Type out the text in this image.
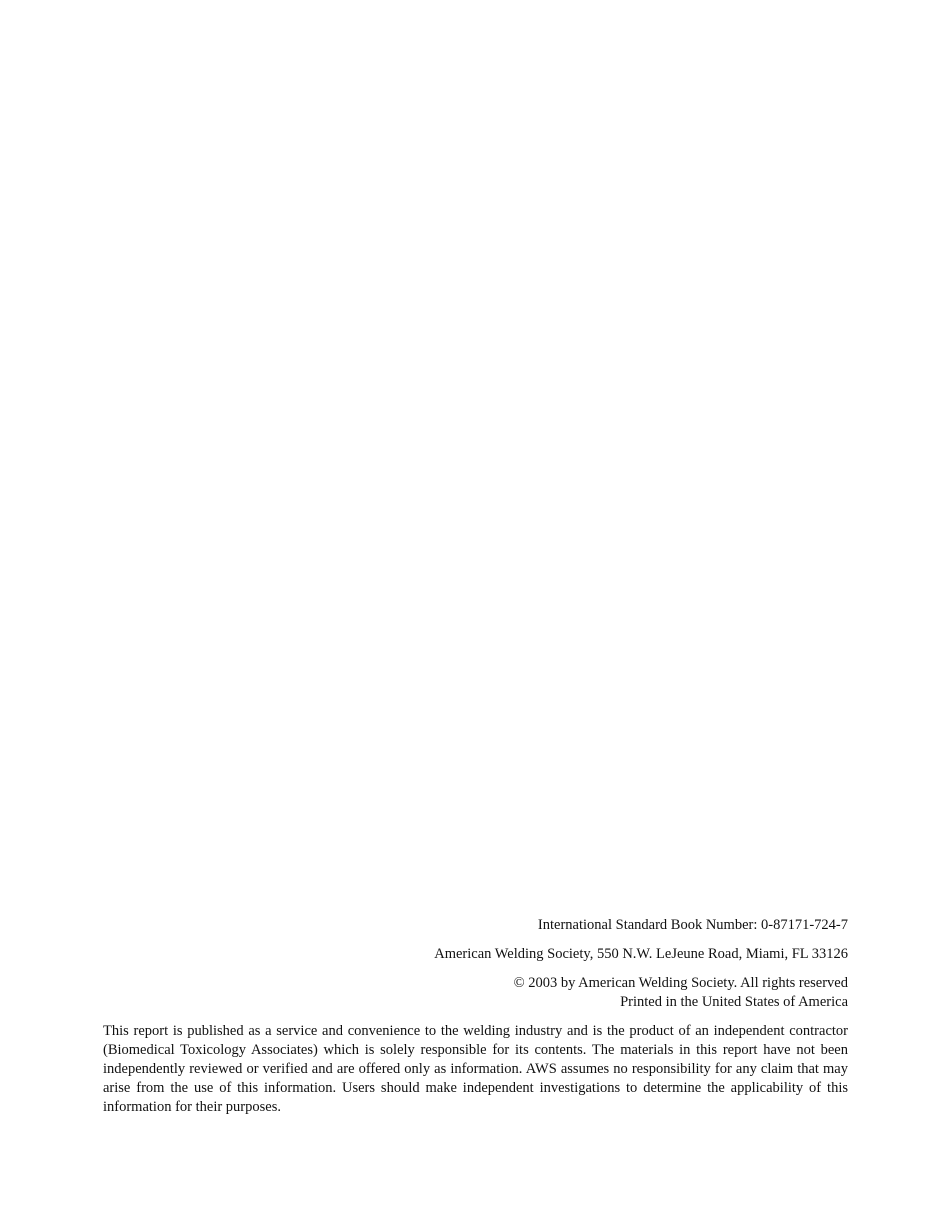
International Standard Book Number: 0-87171-724-7

American Welding Society, 550 N.W. LeJeune Road, Miami, FL 33126

© 2003 by American Welding Society. All rights reserved

Printed in the United States of America

This report is published as a service and convenience to the welding industry and is the product of an independent contractor (Biomedical Toxicology Associates) which is solely responsible for its contents. The materials in this report have not been independently reviewed or verified and are offered only as information. AWS assumes no responsibility for any claim that may arise from the use of this information. Users should make independent investigations to determine the applicability of this information for their purposes.
